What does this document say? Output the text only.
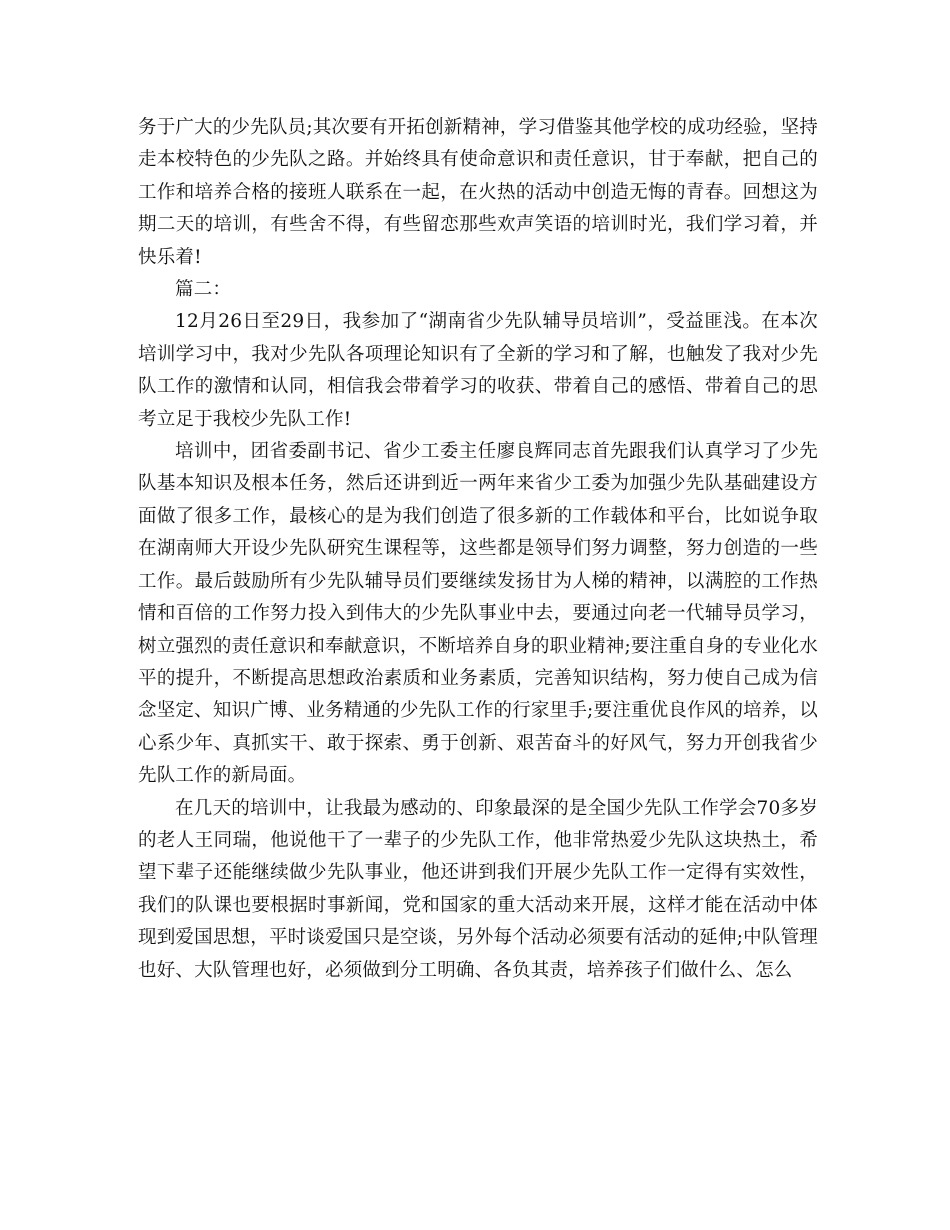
务于广大的少先队员;其次要有开拓创新精神，学习借鉴其他学校的成功经验，坚持走本校特色的少先队之路。并始终具有使命意识和责任意识，甘于奉献，把自己的工作和培养合格的接班人联系在一起，在火热的活动中创造无悔的青春。回想这为期二天的培训，有些舍不得，有些留恋那些欢声笑语的培训时光，我们学习着，并快乐着!

篇二：

12月26日至29日，我参加了“湖南省少先队辅导员培训”，受益匪浅。在本次培训学习中，我对少先队各项理论知识有了全新的学习和了解，也触发了我对少先队工作的激情和认同，相信我会带着学习的收获、带着自己的感悟、带着自己的思考立足于我校少先队工作!

培训中，团省委副书记、省少工委主任廖良辉同志首先跟我们认真学习了少先队基本知识及根本任务，然后还讲到近一两年来省少工委为加强少先队基础建设方面做了很多工作，最核心的是为我们创造了很多新的工作载体和平台，比如说争取在湖南师大开设少先队研究生课程等，这些都是领导们努力调整，努力创造的一些工作。最后鼓励所有少先队辅导员们要继续发扬甘为人梯的精神，以满腔的工作热情和百倍的工作努力投入到伟大的少先队事业中去，要通过向老一代辅导员学习，树立强烈的责任意识和奉献意识，不断培养自身的职业精神;要注重自身的专业化水平的提升，不断提高思想政治素质和业务素质，完善知识结构，努力使自己成为信念坚定、知识广博、业务精通的少先队工作的行家里手;要注重优良作风的培养，以心系少年、真抓实干、敢于探索、勇于创新、艰苦奋斗的好风气，努力开创我省少先队工作的新局面。

在几天的培训中，让我最为感动的、印象最深的是全国少先队工作学会70多岁的老人王同瑞，他说他干了一辈子的少先队工作，他非常热爱少先队这块热土，希望下辈子还能继续做少先队事业，他还讲到我们开展少先队工作一定得有实效性，我们的队课也要根据时事新闻，党和国家的重大活动来开展，这样才能在活动中体现到爱国思想，平时谈爱国只是空谈，另外每个活动必须要有活动的延伸;中队管理也好、大队管理也好，必须做到分工明确、各负其责，培养孩子们做什么、怎么
